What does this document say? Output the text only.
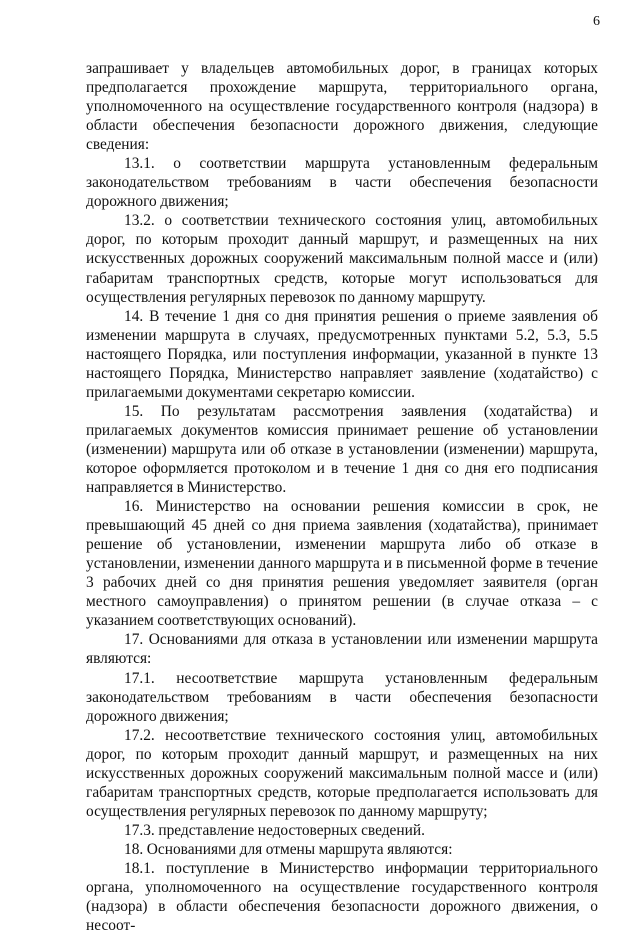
6

запрашивает у владельцев автомобильных дорог, в границах которых предполагается прохождение маршрута, территориального органа, уполномоченного на осуществление государственного контроля (надзора) в области обеспечения безопасности дорожного движения, следующие сведения:

13.1. о соответствии маршрута установленным федеральным законодательством требованиям в части обеспечения безопасности дорожного движения;

13.2. о соответствии технического состояния улиц, автомобильных дорог, по которым проходит данный маршрут, и размещенных на них искусственных дорожных сооружений максимальным полной массе и (или) габаритам транспортных средств, которые могут использоваться для осуществления регулярных перевозок по данному маршруту.

14. В течение 1 дня со дня принятия решения о приеме заявления об изменении маршрута в случаях, предусмотренных пунктами 5.2, 5.3, 5.5 настоящего Порядка, или поступления информации, указанной в пункте 13 настоящего Порядка, Министерство направляет заявление (ходатайство) с прилагаемыми документами секретарю комиссии.

15. По результатам рассмотрения заявления (ходатайства) и прилагаемых документов комиссия принимает решение об установлении (изменении) маршрута или об отказе в установлении (изменении) маршрута, которое оформляется протоколом и в течение 1 дня со дня его подписания направляется в Министерство.

16. Министерство на основании решения комиссии в срок, не превышающий 45 дней со дня приема заявления (ходатайства), принимает решение об установлении, изменении маршрута либо об отказе в установлении, изменении данного маршрута и в письменной форме в течение 3 рабочих дней со дня принятия решения уведомляет заявителя (орган местного самоуправления) о принятом решении (в случае отказа – с указанием соответствующих оснований).

17. Основаниями для отказа в установлении или изменении маршрута являются:

17.1. несоответствие маршрута установленным федеральным законодательством требованиям в части обеспечения безопасности дорожного движения;

17.2. несоответствие технического состояния улиц, автомобильных дорог, по которым проходит данный маршрут, и размещенных на них искусственных дорожных сооружений максимальным полной массе и (или) габаритам транспортных средств, которые предполагается использовать для осуществления регулярных перевозок по данному маршруту;

17.3. представление недостоверных сведений.

18. Основаниями для отмены маршрута являются:

18.1. поступление в Министерство информации территориального органа, уполномоченного на осуществление государственного контроля (надзора) в области обеспечения безопасности дорожного движения, о несоот-
